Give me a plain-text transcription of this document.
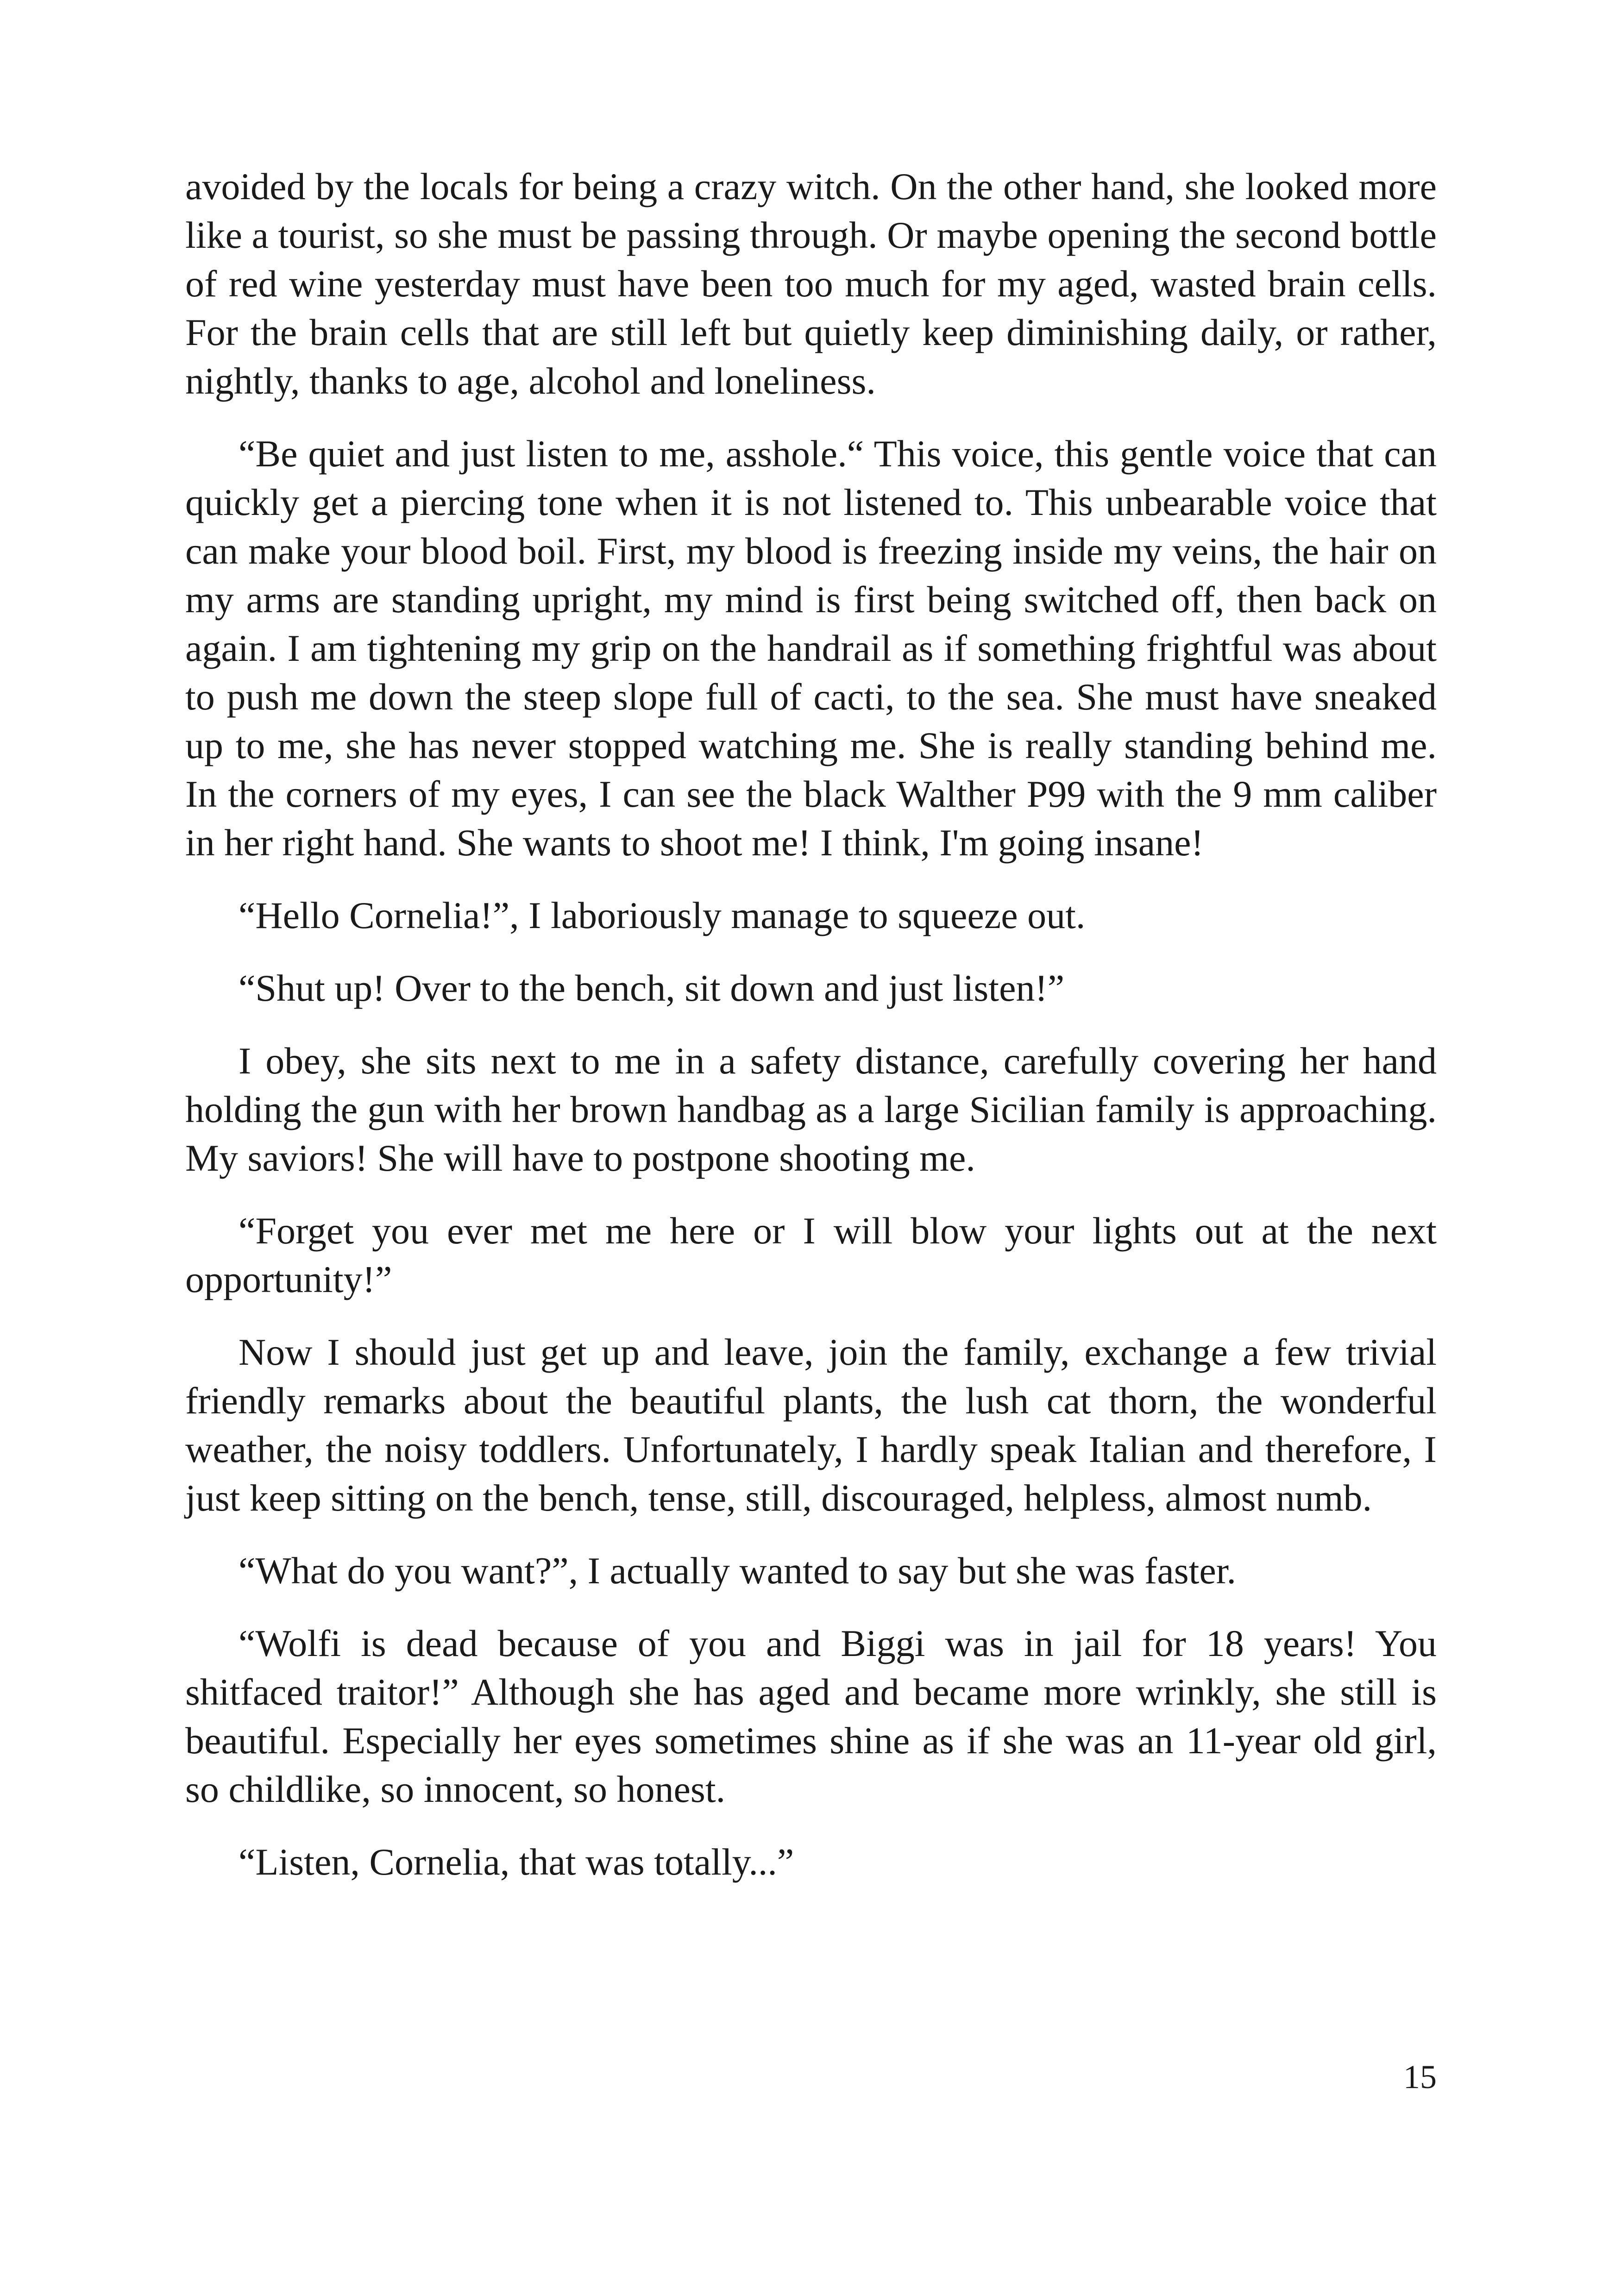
avoided by the locals for being a crazy witch. On the other hand, she looked more like a tourist, so she must be passing through. Or maybe opening the second bottle of red wine yesterday must have been too much for my aged, wasted brain cells. For the brain cells that are still left but quietly keep diminishing daily, or rather, nightly, thanks to age, alcohol and loneliness.

“Be quiet and just listen to me, asshole.“ This voice, this gentle voice that can quickly get a piercing tone when it is not listened to. This unbearable voice that can make your blood boil. First, my blood is freezing inside my veins, the hair on my arms are standing upright, my mind is first being switched off, then back on again. I am tightening my grip on the handrail as if something frightful was about to push me down the steep slope full of cacti, to the sea. She must have sneaked up to me, she has never stopped watching me. She is really standing behind me. In the corners of my eyes, I can see the black Walther P99 with the 9 mm caliber in her right hand. She wants to shoot me! I think, I'm going insane!

“Hello Cornelia!”, I laboriously manage to squeeze out.

“Shut up! Over to the bench, sit down and just listen!”

I obey, she sits next to me in a safety distance, carefully covering her hand holding the gun with her brown handbag as a large Sicilian family is approaching. My saviors! She will have to postpone shooting me.

“Forget you ever met me here or I will blow your lights out at the next opportunity!”

Now I should just get up and leave, join the family, exchange a few trivial friendly remarks about the beautiful plants, the lush cat thorn, the wonderful weather, the noisy toddlers. Unfortunately, I hardly speak Italian and therefore, I just keep sitting on the bench, tense, still, discouraged, helpless, almost numb.

“What do you want?”, I actually wanted to say but she was faster.

“Wolfi is dead because of you and Biggi was in jail for 18 years! You shitfaced traitor!” Although she has aged and became more wrinkly, she still is beautiful. Especially her eyes sometimes shine as if she was an 11-year old girl, so childlike, so innocent, so honest.

“Listen, Cornelia, that was totally...”

15
